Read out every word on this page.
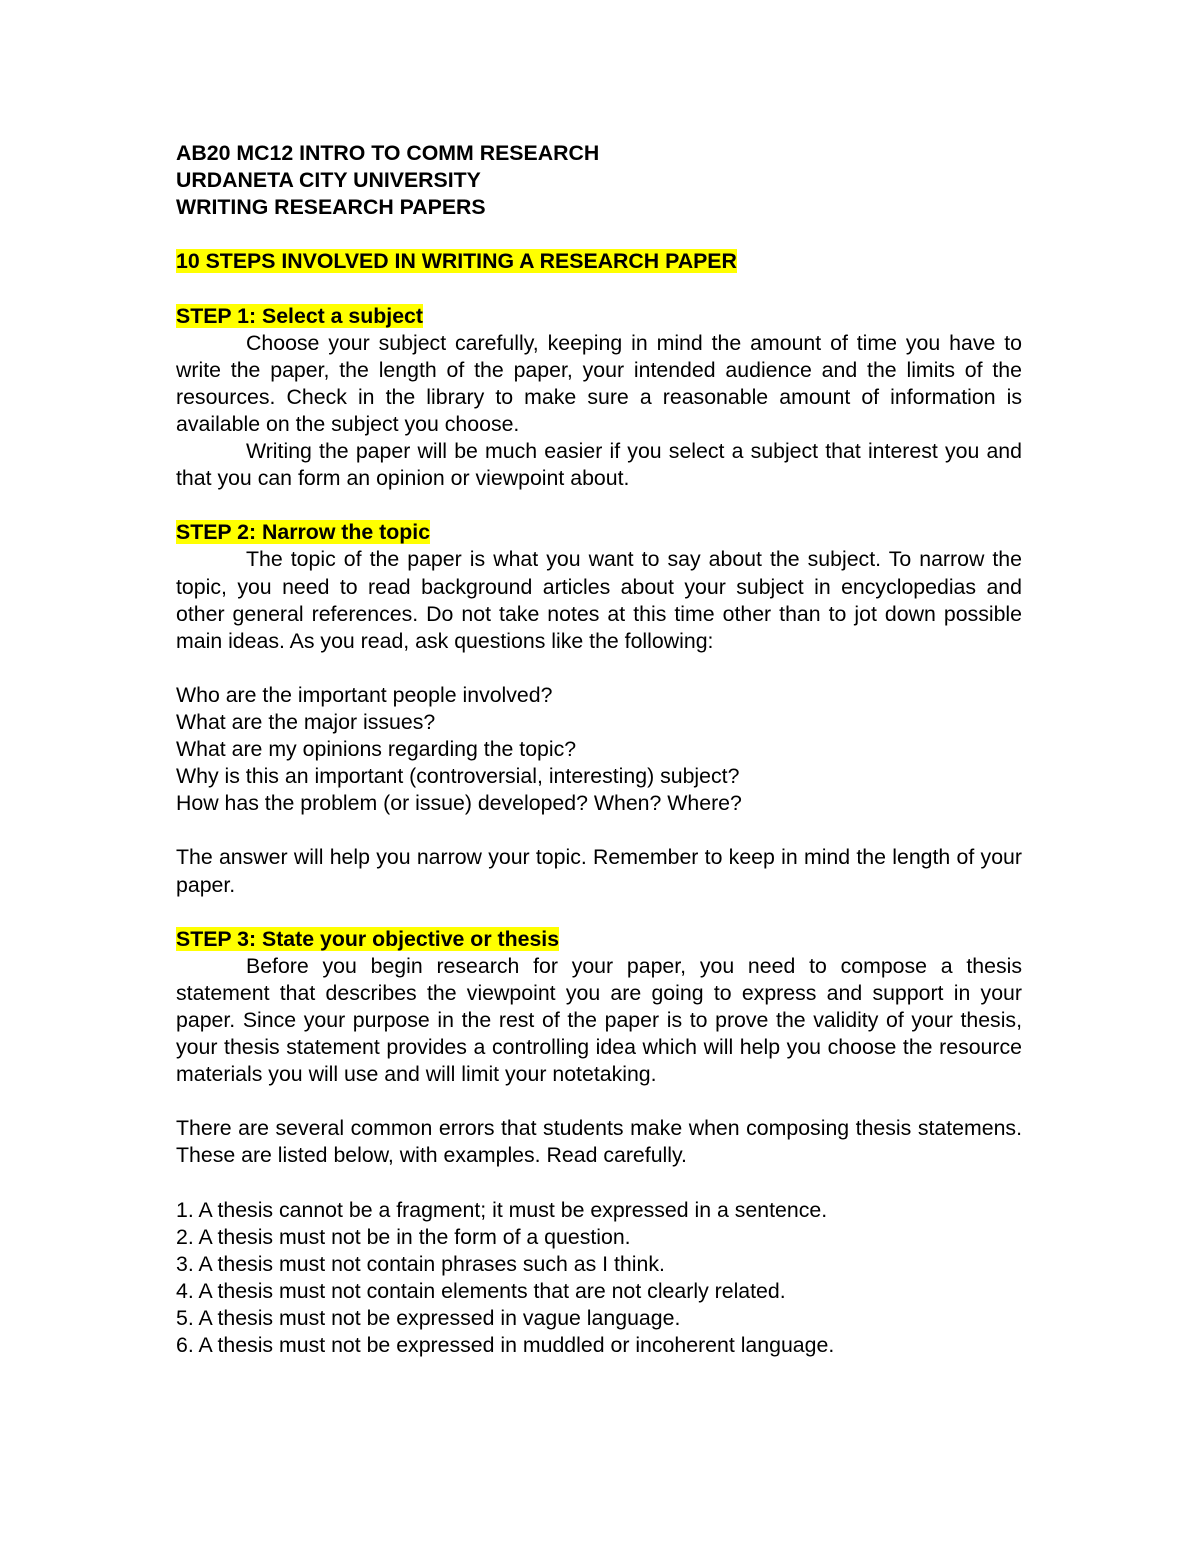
AB20 MC12 INTRO TO COMM RESEARCH
URDANETA CITY UNIVERSITY
WRITING RESEARCH PAPERS
10 STEPS INVOLVED IN WRITING A RESEARCH PAPER
STEP 1: Select a subject

Choose your subject carefully, keeping in mind the amount of time you have to write the paper, the length of the paper, your intended audience and the limits of the resources. Check in the library to make sure a reasonable amount of information is available on the subject you choose.

Writing the paper will be much easier if you select a subject that interest you and that you can form an opinion or viewpoint about.

STEP 2: Narrow the topic

The topic of the paper is what you want to say about the subject. To narrow the topic, you need to read background articles about your subject in encyclopedias and other general references. Do not take notes at this time other than to jot down possible main ideas. As you read, ask questions like the following:

Who are the important people involved?
What are the major issues?
What are my opinions regarding the topic?
Why is this an important (controversial, interesting) subject?
How has the problem (or issue) developed? When? Where?

The answer will help you narrow your topic. Remember to keep in mind the length of your paper.

STEP 3: State your objective or thesis

Before you begin research for your paper, you need to compose a thesis statement that describes the viewpoint you are going to express and support in your paper. Since your purpose in the rest of the paper is to prove the validity of your thesis, your thesis statement provides a controlling idea which will help you choose the resource materials you will use and will limit your notetaking.

There are several common errors that students make when composing thesis statemens. These are listed below, with examples. Read carefully.

1. A thesis cannot be a fragment; it must be expressed in a sentence.
2. A thesis must not be in the form of a question.
3. A thesis must not contain phrases such as I think.
4. A thesis must not contain elements that are not clearly related.
5. A thesis must not be expressed in vague language.
6. A thesis must not be expressed in muddled or incoherent language.
